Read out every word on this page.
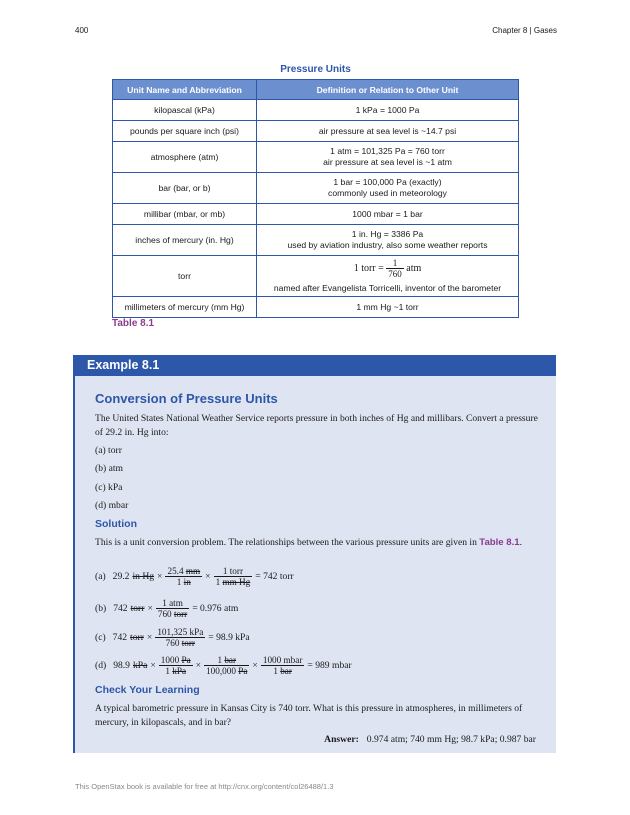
400	Chapter 8 | Gases
Pressure Units
Unit Name and Abbreviation	Definition or Relation to Other Unit
kilopascal (kPa)	1 kPa = 1000 Pa
pounds per square inch (psi)	air pressure at sea level is ~14.7 psi
atmosphere (atm)	1 atm = 101,325 Pa = 760 torr
air pressure at sea level is ~1 atm

bar (bar, or b)	1 bar = 100,000 Pa (exactly)
commonly used in meteorology

millibar (mbar, or mb)	1000 mbar = 1 bar
inches of mercury (in. Hg)	1 in. Hg = 3386 Pa
used by aviation industry, also some weather reports

torr	1 torr = $\frac{1}{760}$ atm
named after Evangelista Torricelli, inventor of the barometer

millimeters of mercury (mm Hg)	1 mm Hg ~1 torr
Table 8.1
Example 8.1
Conversion of Pressure Units
The United States National Weather Service reports pressure in both inches of Hg and millibars. Convert a pressure of 29.2 in. Hg into:
(a) torr
(b) atm
(c) kPa
(d) mbar
Solution
This is a unit conversion problem. The relationships between the various pressure units are given in Table 8.1.
(a) 29.2 in $Hg \times \frac{25.4 mm}{1 in} \times \frac{\text{1 torr}}{\text{1 mm Hg}} = 742$ torr
(b) 742 torr × $\frac{\text{1 atm}}{\text{760 torr}} = 0.976$ atm
(c) 742 torr × $\frac{\text{101,325 kPa}}{\text{760 torr}} = 98.9$ kPa
(d) 98.9 kPa × $\frac{1000 Pa}{\text{1 kPa}} \times \frac{\text{1 bar}}{100,000 Pa} \times \frac{\text{1000 mbar}}{\text{1 bar}} = 989$ mbar
Check Your Learning
A typical barometric pressure in Kansas City is 740 torr. What is this pressure in atmospheres, in millimeters of mercury, in kilopascals, and in bar?
Answer: 0.974 atm; 740 mm Hg; 98.7 kPa; 0.987 bar
This OpenStax book is available for free at http://cnx.org/content/col26488/1.3
